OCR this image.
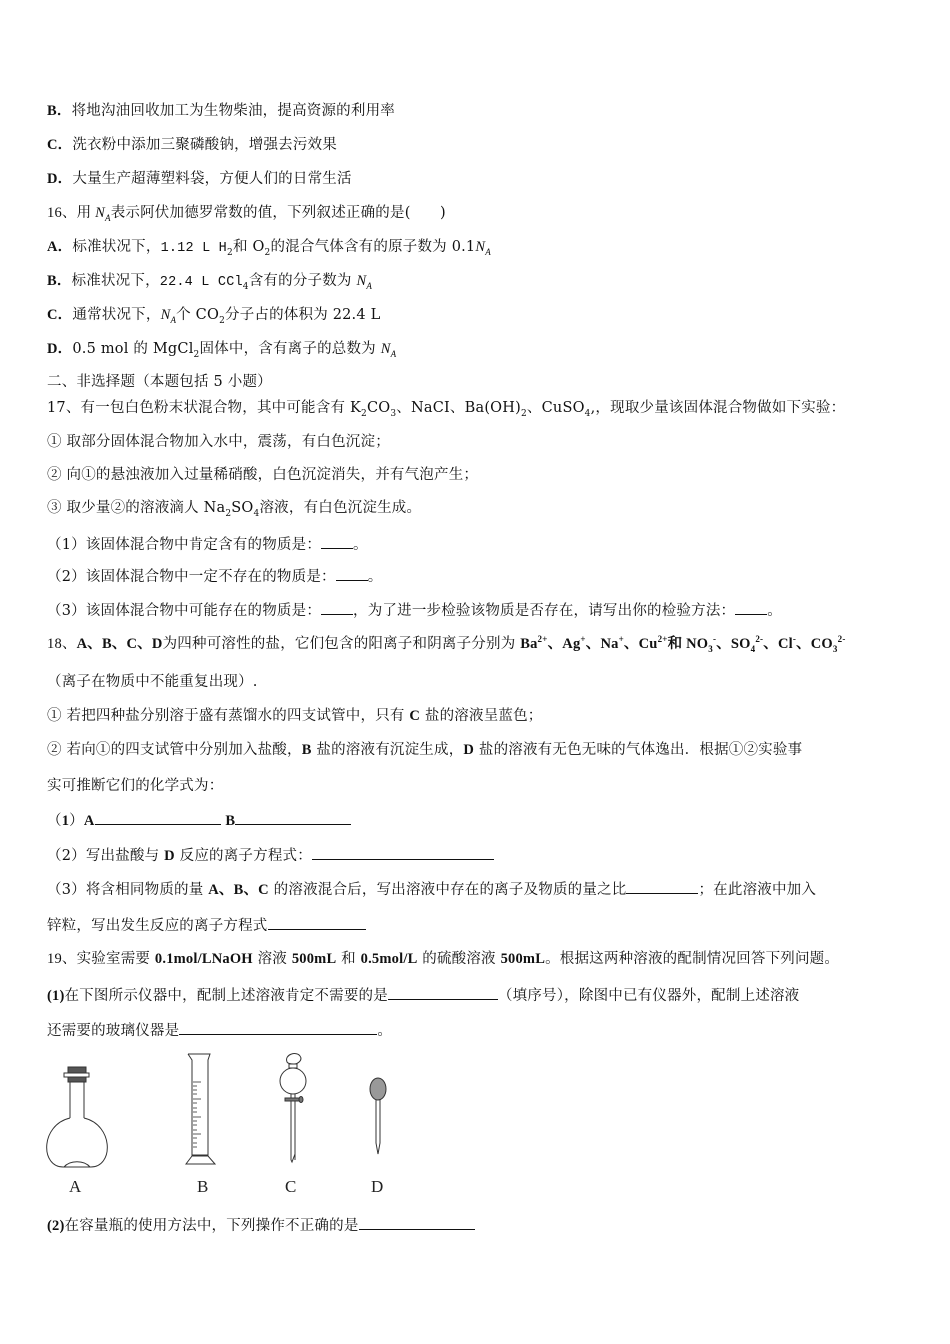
B．将地沟油回收加工为生物柴油，提高资源的利用率
C．洗衣粉中添加三聚磷酸钠，增强去污效果
D．大量生产超薄塑料袋，方便人们的日常生活
16、用 $N_A$表示阿伏加德罗常数的值，下列叙述正确的是(　　)
A．标准状况下，1.12 L $H_2$和 $O_2$的混合气体含有的原子数为 $0.1N_A$
B．标准状况下，22.4 L CCl$_4$含有的分子数为 $N_A$
C．通常状况下，$N_A$个 $CO_2$分子占的体积为 22.4 L
D．0.5 mol 的 MgCl$_2$固体中，含有离子的总数为 $N_A$
二、非选择题（本题包括 5 小题）
17、有一包白色粉末状混合物，其中可能含有 $K_2CO_3$、NaCI、$Ba(OH)_2$、CuSO$_4$,，现取少量该固体混合物做如下实验：
① 取部分固体混合物加入水中，震荡，有白色沉淀；
② 向①的悬浊液加入过量稀硝酸，白色沉淀消失，并有气泡产生；
③ 取少量②的溶液滴人 $Na_2SO_4$溶液，有白色沉淀生成。
（1）该固体混合物中肯定含有的物质是： 。
（2）该固体混合物中一定不存在的物质是： 。
（3）该固体混合物中可能存在的物质是： ，为了进一步检验该物质是否存在，请写出你的检验方法： 。
18、A、B、C、D为四种可溶性的盐，它们包含的阳离子和阴离子分别为 $Ba^{2+}$、Ag+、Na+、$Cu^{2+}$和 $NO_3^-$、$SO_4^{2-}$、Cl-、$CO_3^{2-}$
（离子在物质中不能重复出现）.
① 若把四种盐分别溶于盛有蒸馏水的四支试管中，只有 C 盐的溶液呈蓝色；
② 若向①的四支试管中分别加入盐酸，B 盐的溶液有沉淀生成，D 盐的溶液有无色无味的气体逸出．根据①②实验事
实可推断它们的化学式为：
（1）A	B
（2）写出盐酸与 D 反应的离子方程式：
（3）将含相同物质的量 A、B、C 的溶液混合后，写出溶液中存在的离子及物质的量之比	；在此溶液中加入
锌粒，写出发生反应的离子方程式
19、实验室需要 0.1mol/LNaOH 溶液 500mL 和 0.5mol/L 的硫酸溶液 500mL。根据这两种溶液的配制情况回答下列问题。
(1)在下图所示仪器中，配制上述溶液肯定不需要的是	（填序号），除图中已有仪器外，配制上述溶液
还需要的玻璃仪器是	。
A	B	C	D
(2)在容量瓶的使用方法中，下列操作不正确的是
